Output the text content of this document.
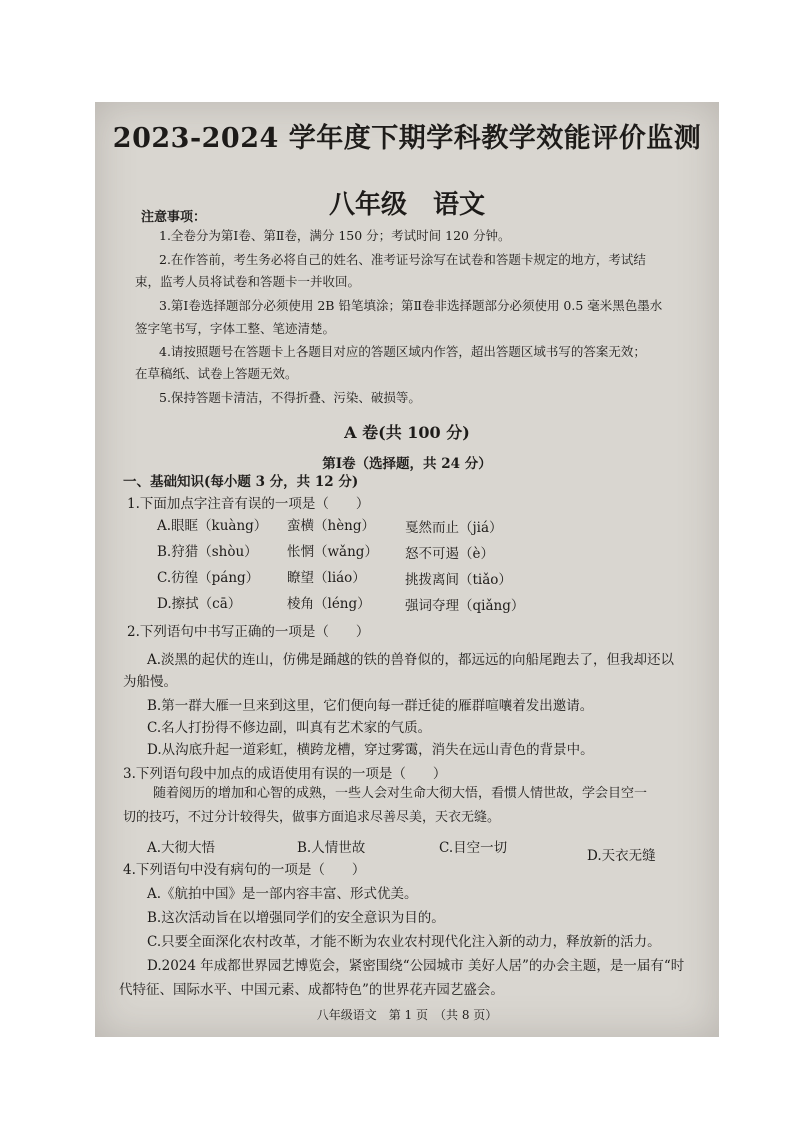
2023-2024 学年度下期学科教学效能评价监测
八年级　语文
注意事项：
1.全卷分为第Ⅰ卷、第Ⅱ卷，满分 150 分；考试时间 120 分钟。
2.在作答前，考生务必将自己的姓名、准考证号涂写在试卷和答题卡规定的地方，考试结
束，监考人员将试卷和答题卡一并收回。
3.第Ⅰ卷选择题部分必须使用 2B 铅笔填涂；第Ⅱ卷非选择题部分必须使用 0.5 毫米黑色墨水
签字笔书写，字体工整、笔迹清楚。
4.请按照题号在答题卡上各题目对应的答题区域内作答，超出答题区域书写的答案无效；
在草稿纸、试卷上答题无效。
5.保持答题卡清洁，不得折叠、污染、破损等。
A 卷(共 100 分)
第Ⅰ卷（选择题，共 24 分）
一、基础知识(每小题 3 分，共 12 分)
1.下面加点字注音有误的一项是（　　）
A.眼眶（kuàng） 蛮横（hèng） 戛然而止（jiá）
B.狩猎（shòu） 怅惘（wǎng） 怒不可遏（è）
C.彷徨（páng） 瞭望（liáo）	挑拨离间（tiǎo）
D.擦拭（cā）	棱角（léng）	强词夺理（qiǎng）
2.下列语句中书写正确的一项是（　　）
A.淡黑的起伏的连山，仿佛是踊越的铁的兽脊似的，都远远的向船尾跑去了，但我却还以
为船慢。
B.第一群大雁一旦来到这里，它们便向每一群迁徒的雁群喧嚷着发出邀请。
C.名人打扮得不修边副，叫真有艺术家的气质。
D.从沟底升起一道彩虹，横跨龙槽，穿过雾霭，消失在远山青色的背景中。
3.下列语句段中加点的成语使用有误的一项是（　　）
随着阅历的增加和心智的成熟，一些人会对生命大彻大悟，看惯人情世故，学会目空一
切的技巧，不过分计较得失，做事方面追求尽善尽美，天衣无缝。
A.大彻大悟	B.人情世故	C.目空一切	D.天衣无缝
4.下列语句中没有病句的一项是（　　）
A.《航拍中国》是一部内容丰富、形式优美。
B.这次活动旨在以增强同学们的安全意识为目的。
C.只要全面深化农村改革，才能不断为农业农村现代化注入新的动力，释放新的活力。
D.2024 年成都世界园艺博览会，紧密围绕“公园城市 美好人居”的办会主题，是一届有“时
代特征、国际水平、中国元素、成都特色”的世界花卉园艺盛会。
八年级语文　第 1 页　（共 8 页）
